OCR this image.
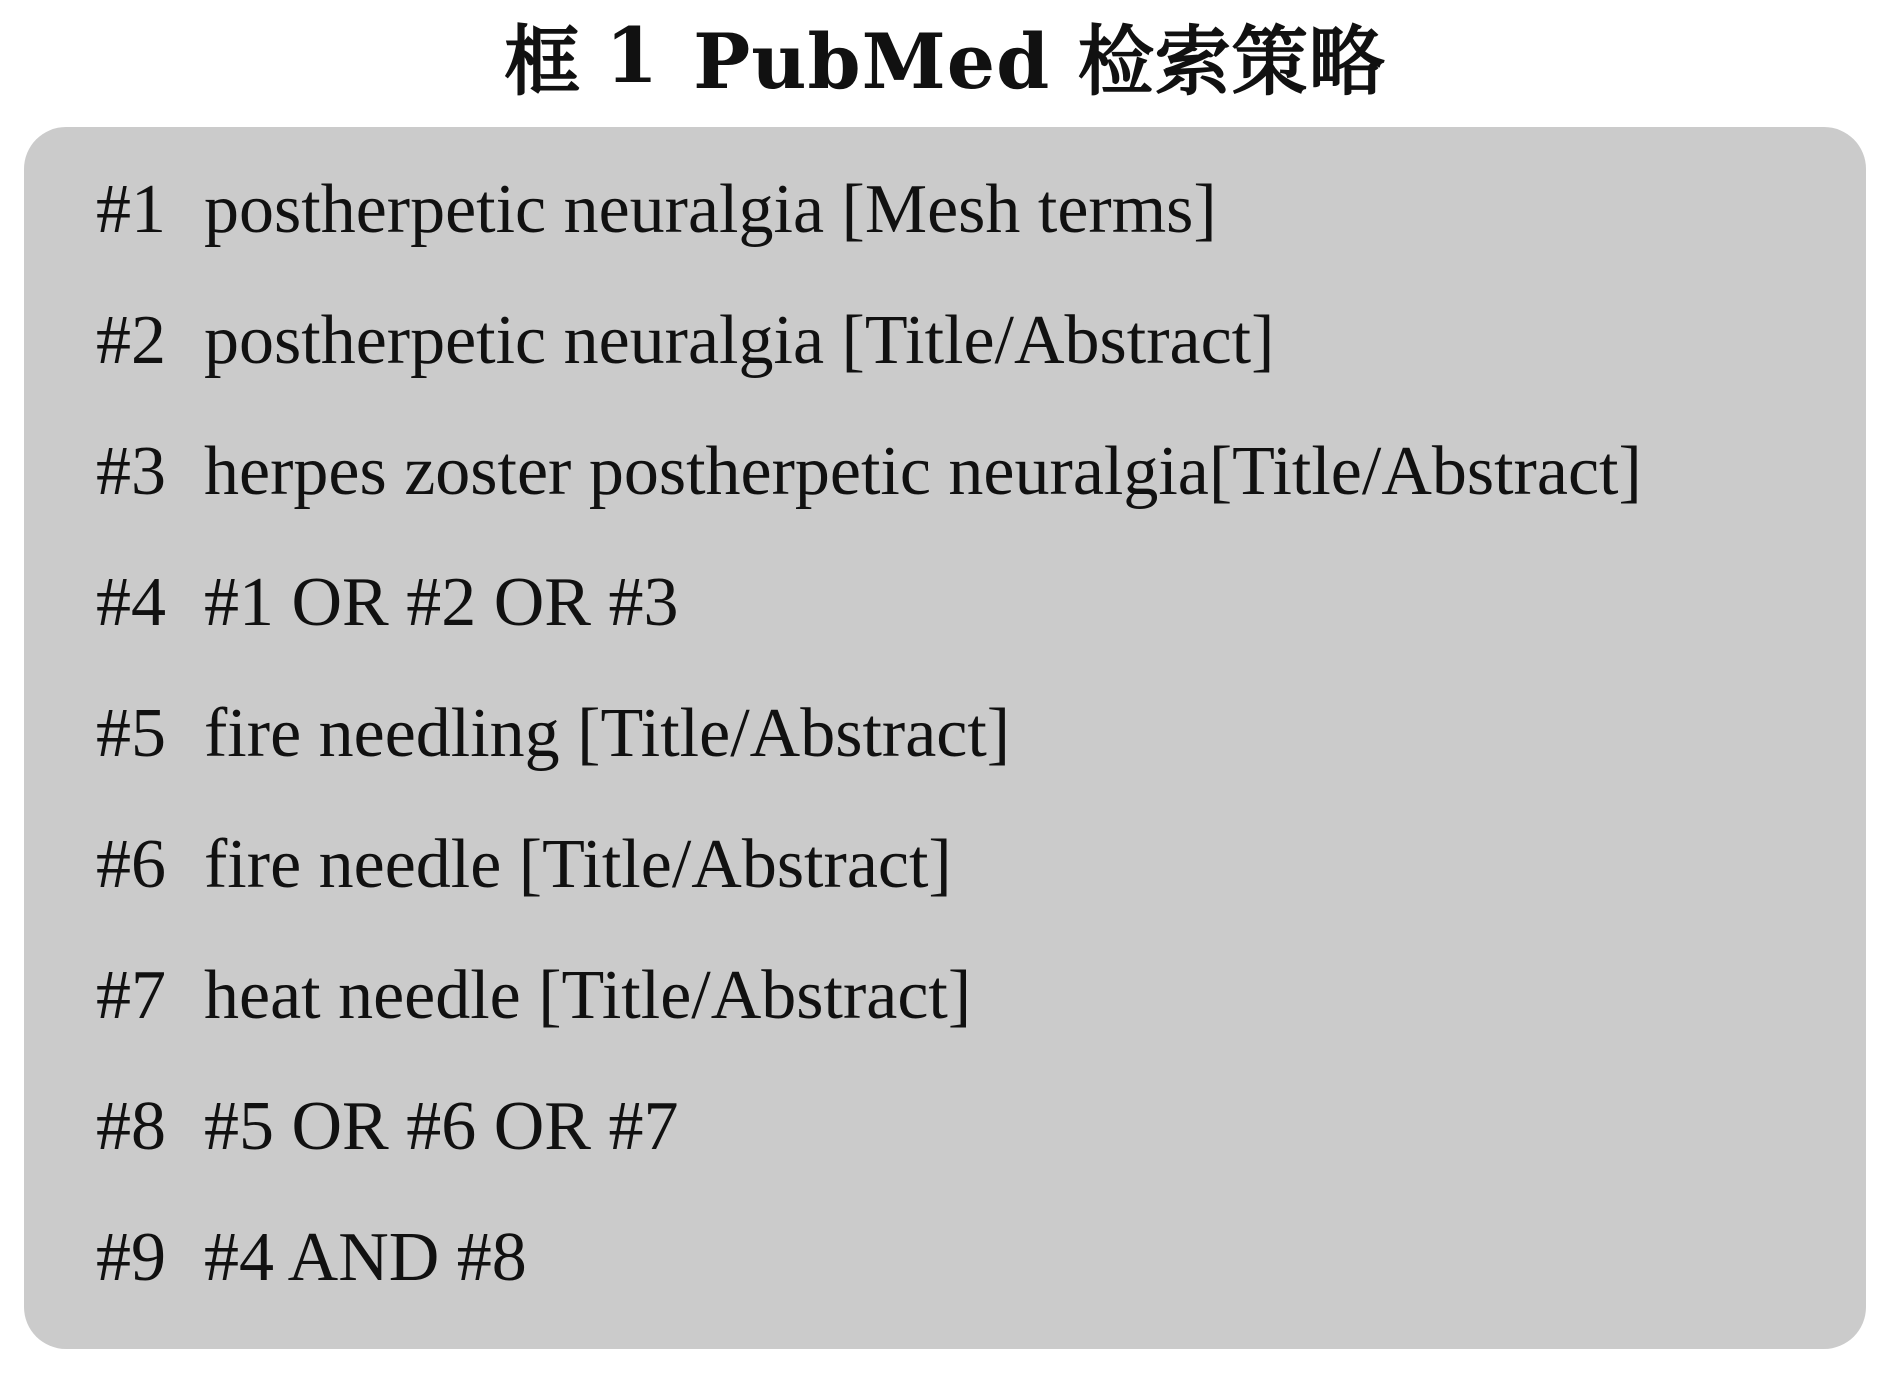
框 1 PubMed 检索策略
#1 postherpetic neuralgia [Mesh terms]
#2 postherpetic neuralgia [Title/Abstract]
#3 herpes zoster postherpetic neuralgia[Title/Abstract]
#4 #1 OR #2 OR #3
#5 fire needling [Title/Abstract]
#6 fire needle [Title/Abstract]
#7 heat needle [Title/Abstract]
#8 #5 OR #6 OR #7
#9 #4 AND #8
